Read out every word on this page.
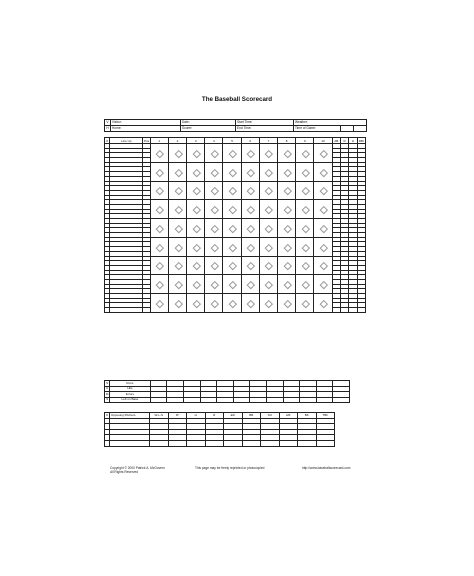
The Baseball Scorecard
V	Visitor:	Date:	Start Time:	Weather:		
H	Home:	Scorer:	End Time:	Time of Game:		
#	Line Up	Pos	1	2	3	4	5	6	7	8	9	10	AB	R	H	RBI

S	Runs												
U	Hits												
M	Errors												
S	Left on Base												
#	Opposing Pitchers	W-L-S	IP	H	R	ER	BB	SO	HB	BK	TBF

Copyright © 2000 Patrick A. McGovern
All Rights Reserved
This page may be freely reprinted or photocopied	http://www.baseballscorecard.com
